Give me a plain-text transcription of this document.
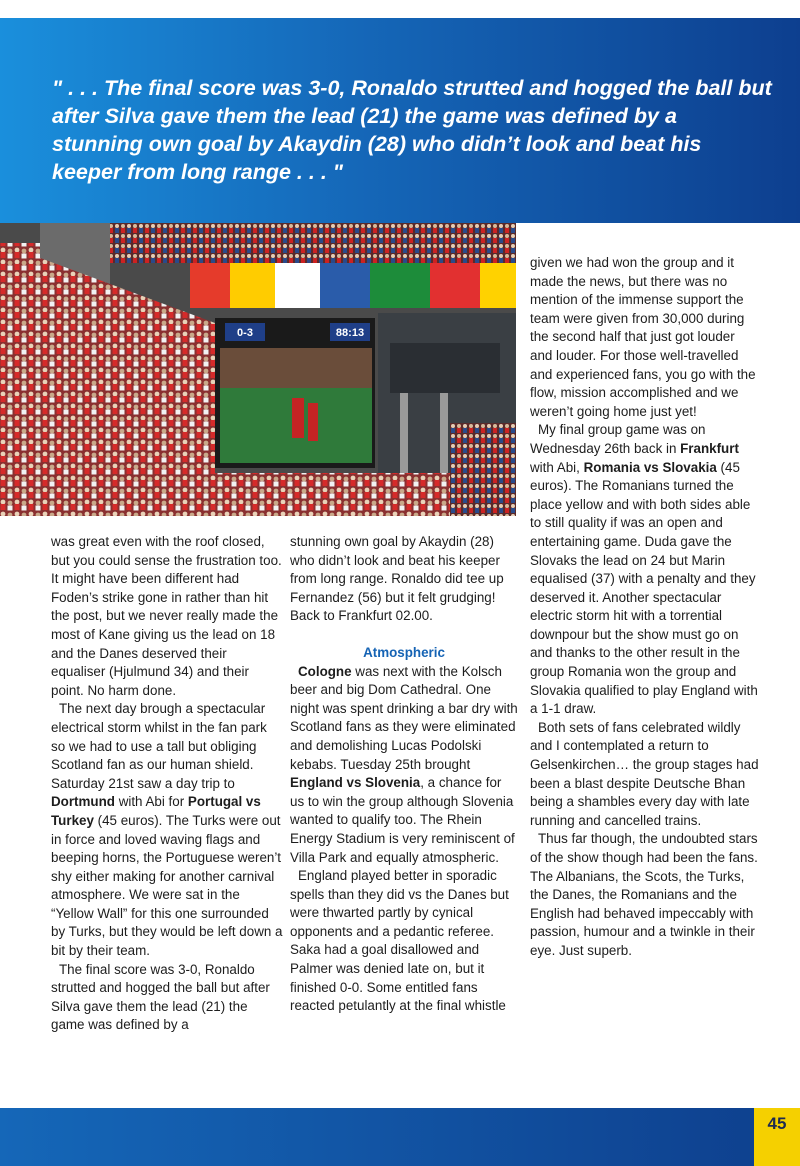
" . . . The final score was 3-0, Ronaldo strutted and hogged the ball but after Silva gave them the lead (21) the game was defined by a stunning own goal by Akaydin (28) who didn’t look and beat his keeper from long range . . . "

0-3	88:13

was great even with the roof closed, but you could sense the frustration too. It might have been different had Foden’s strike gone in rather than hit the post, but we never really made the most of Kane giving us the lead on 18 and the Danes deserved their equaliser (Hjulmund 34) and their point. No harm done.

The next day brough a spectacular electrical storm whilst in the fan park so we had to use a tall but obliging Scotland fan as our human shield. Saturday 21st saw a day trip to Dortmund with Abi for Portugal vs Turkey (45 euros). The Turks were out in force and loved waving flags and beeping horns, the Portuguese weren’t shy either making for another carnival atmosphere. We were sat in the “Yellow Wall” for this one surrounded by Turks, but they would be left down a bit by their team.

The final score was 3-0, Ronaldo strutted and hogged the ball but after Silva gave them the lead (21) the game was defined by a

stunning own goal by Akaydin (28) who didn’t look and beat his keeper from long range. Ronaldo did tee up Fernandez (56) but it felt grudging! Back to Frankfurt 02.00.

Atmospheric

Cologne was next with the Kolsch beer and big Dom Cathedral. One night was spent drinking a bar dry with Scotland fans as they were eliminated and demolishing Lucas Podolski kebabs. Tuesday 25th brought England vs Slovenia, a chance for us to win the group although Slovenia wanted to qualify too. The Rhein Energy Stadium is very reminiscent of Villa Park and equally atmospheric.

England played better in sporadic spells than they did vs the Danes but were thwarted partly by cynical opponents and a pedantic referee. Saka had a goal disallowed and Palmer was denied late on, but it finished 0-0. Some entitled fans reacted petulantly at the final whistle

given we had won the group and it made the news, but there was no mention of the immense support the team were given from 30,000 during the second half that just got louder and louder. For those well-travelled and experienced fans, you go with the flow, mission accomplished and we weren’t going home just yet!

My final group game was on Wednesday 26th back in Frankfurt with Abi, Romania vs Slovakia (45 euros). The Romanians turned the place yellow and with both sides able to still quality if was an open and entertaining game. Duda gave the Slovaks the lead on 24 but Marin equalised (37) with a penalty and they deserved it. Another spectacular electric storm hit with a torrential downpour but the show must go on and thanks to the other result in the group Romania won the group and Slovakia qualified to play England with a 1-1 draw.

Both sets of fans celebrated wildly and I contemplated a return to Gelsenkirchen… the group stages had been a blast despite Deutsche Bhan being a shambles every day with late running and cancelled trains.

Thus far though, the undoubted stars of the show though had been the fans. The Albanians, the Scots, the Turks, the Danes, the Romanians and the English had behaved impeccably with passion, humour and a twinkle in their eye. Just superb.

45
